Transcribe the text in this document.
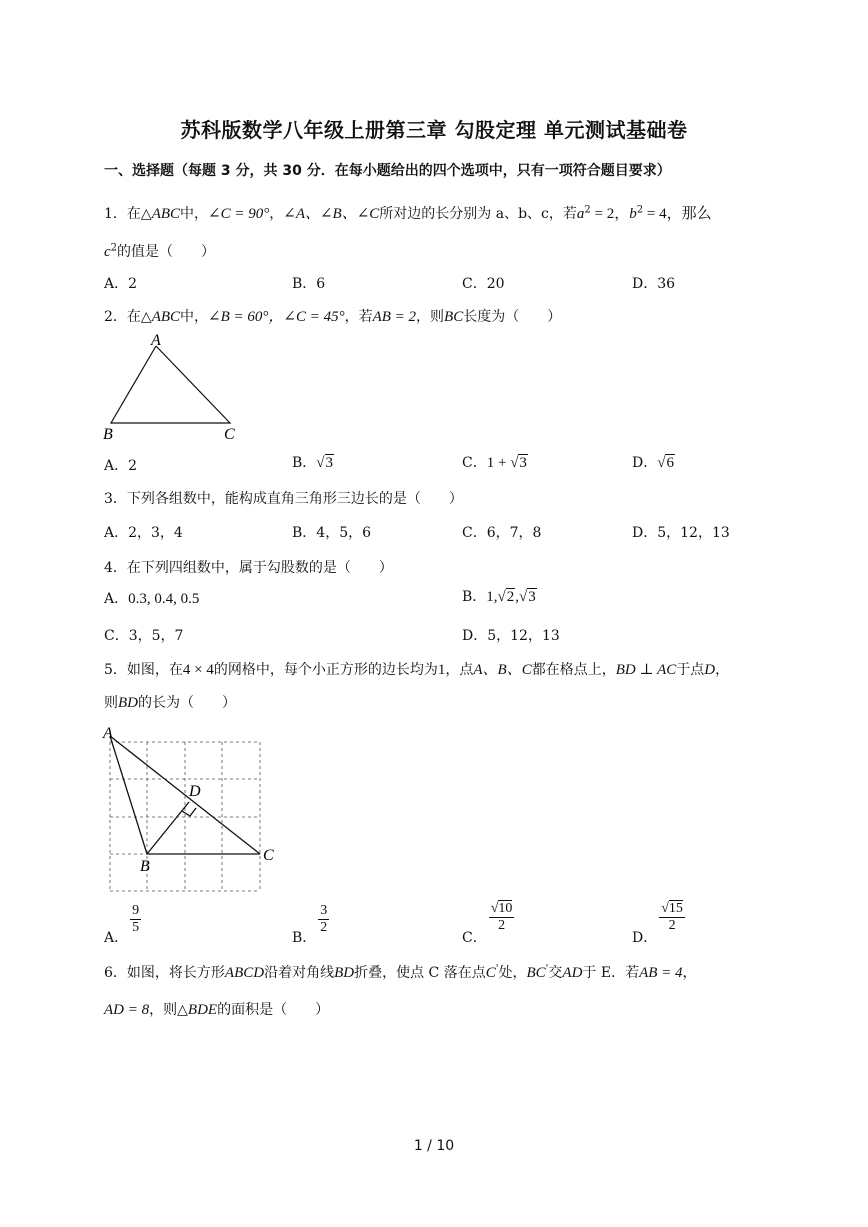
苏科版数学八年级上册第三章 勾股定理 单元测试基础卷
一、选择题（每题 3 分，共 30 分．在每小题给出的四个选项中，只有一项符合题目要求）
1．在△ABC中，∠C = 90°，∠A、∠B、∠C所对边的长分别为 a、b、c，若$a^2 = 2$，$b^2 = 4$，那么
$c^2$的值是（　　）
A．2	B．6	C．20	D．36
2．在△ABC中，∠B = 60°，∠C = 45°，若AB = 2，则BC长度为（　　）
A
B	C
A．2	B．√3	C．1 + √3	D．√6
3．下列各组数中，能构成直角三角形三边长的是（　　）
A．2，3，4	B．4，5，6	C．6，7，8	D．5，12，13
4．在下列四组数中，属于勾股数的是（　　）
A．0.3, 0.4, 0.5	B．1,√2,√3
C．3，5，7	D．5，12，13
5．如图，在4 × 4的网格中，每个小正方形的边长均为1，点A、B、C都在格点上，BD ⊥ AC于点D，
则BD的长为（　　）
A
B
C
D
A．
$\frac{9}{5}$
B．
$\frac{3}{2}$
C．
$\frac{√10}{2}$
D．
$\frac{√15}{2}$
6．如图，将长方形ABCD沿着对角线BD折叠，使点 C 落在点C'处，BC'交AD于 E．若AB = 4，
AD = 8，则△BDE的面积是（　　）
1 / 10
